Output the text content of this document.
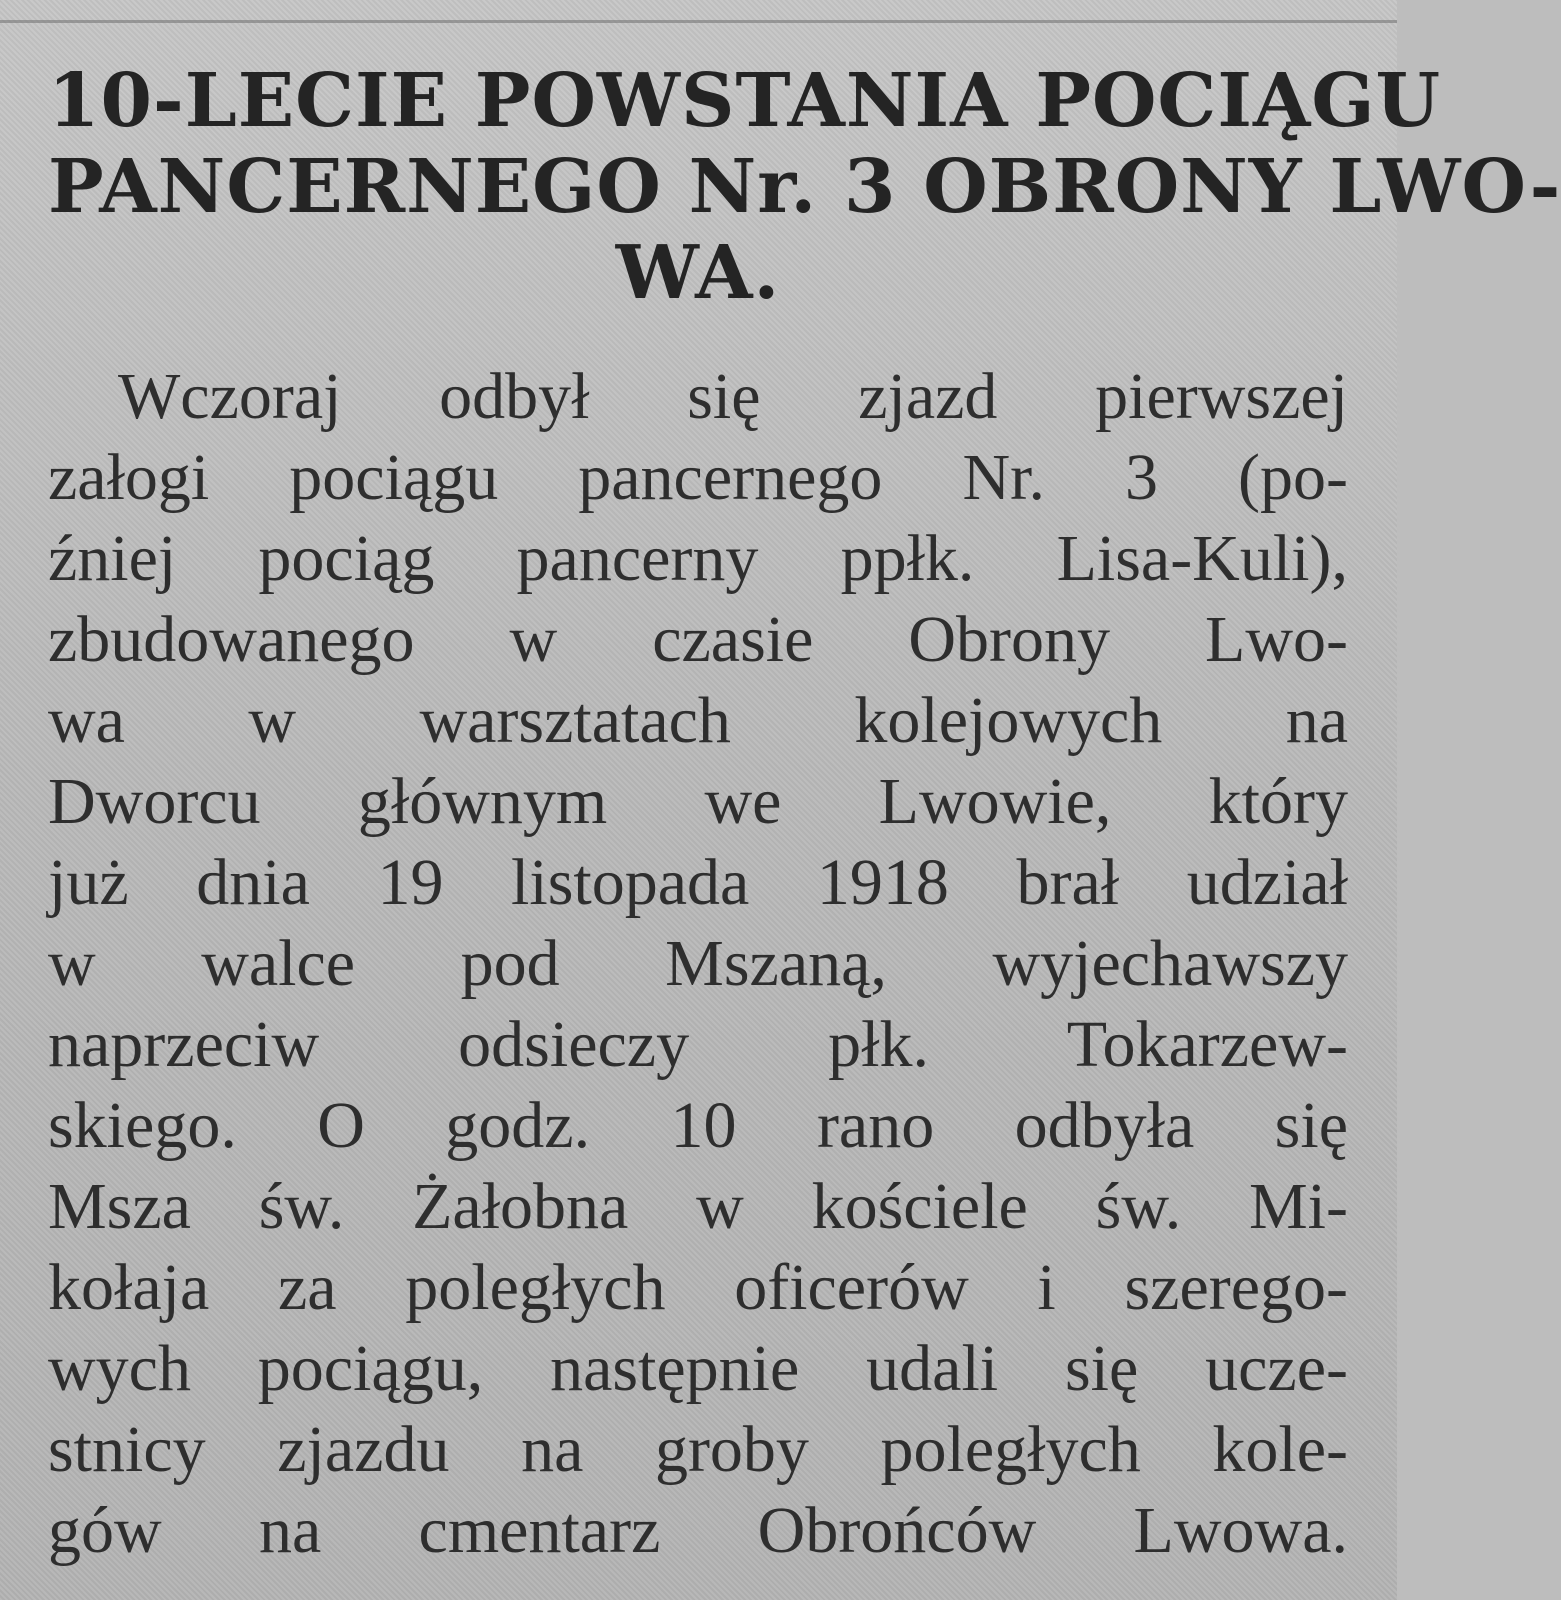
10-LECIE POWSTANIA POCIĄGU
PANCERNEGO Nr. 3 OBRONY LWO-
WA.
Wczoraj odbył się zjazd pierwszej
załogi pociągu pancernego Nr. 3 (po-
źniej pociąg pancerny ppłk. Lisa-Kuli),
zbudowanego w czasie Obrony Lwo-
wa w warsztatach kolejowych na
Dworcu głównym we Lwowie, który
już dnia 19 listopada 1918 brał udział
w walce pod Mszaną, wyjechawszy
naprzeciw odsieczy płk. Tokarzew-
skiego. O godz. 10 rano odbyła się
Msza św. Żałobna w kościele św. Mi-
kołaja za poległych oficerów i szerego-
wych pociągu, następnie udali się ucze-
stnicy zjazdu na groby poległych kole-
gów na cmentarz Obrońców Lwowa.
